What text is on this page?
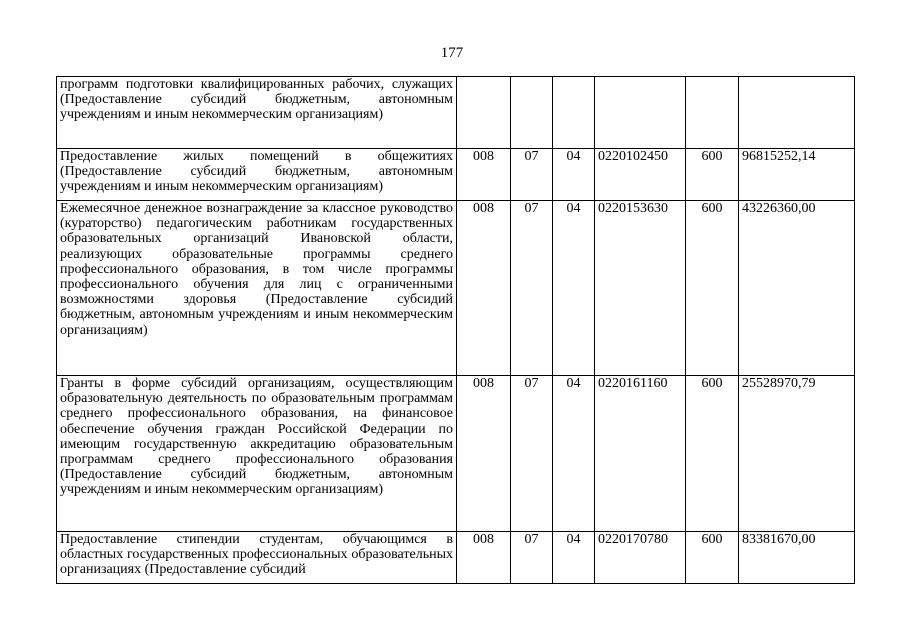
177
программ подготовки квалифицированных рабочих, служащих (Предоставление субсидий бюджетным, автономным учреждениям и иным некоммерческим организациям)						
Предоставление жилых помещений в общежитиях (Предоставление субсидий бюджетным, автономным учреждениям и иным некоммерческим организациям)	008	07	04	0220102450	600	96815252,14
Ежемесячное денежное вознаграждение за классное руководство (кураторство) педагогическим работникам государственных образовательных организаций Ивановской области, реализующих образовательные программы среднего профессионального образования, в том числе программы профессионального обучения для лиц с ограниченными возможностями здоровья (Предоставление субсидий бюджетным, автономным учреждениям и иным некоммерческим организациям)	008	07	04	0220153630	600	43226360,00
Гранты в форме субсидий организациям, осуществляющим образовательную деятельность по образовательным программам среднего профессионального образования, на финансовое обеспечение обучения граждан Российской Федерации по имеющим государственную аккредитацию образовательным программам среднего профессионального образования (Предоставление субсидий бюджетным, автономным учреждениям и иным некоммерческим организациям)	008	07	04	0220161160	600	25528970,79
Предоставление стипендии студентам, обучающимся в областных государственных профессиональных образовательных организациях (Предоставление субсидий	008	07	04	0220170780	600	83381670,00
